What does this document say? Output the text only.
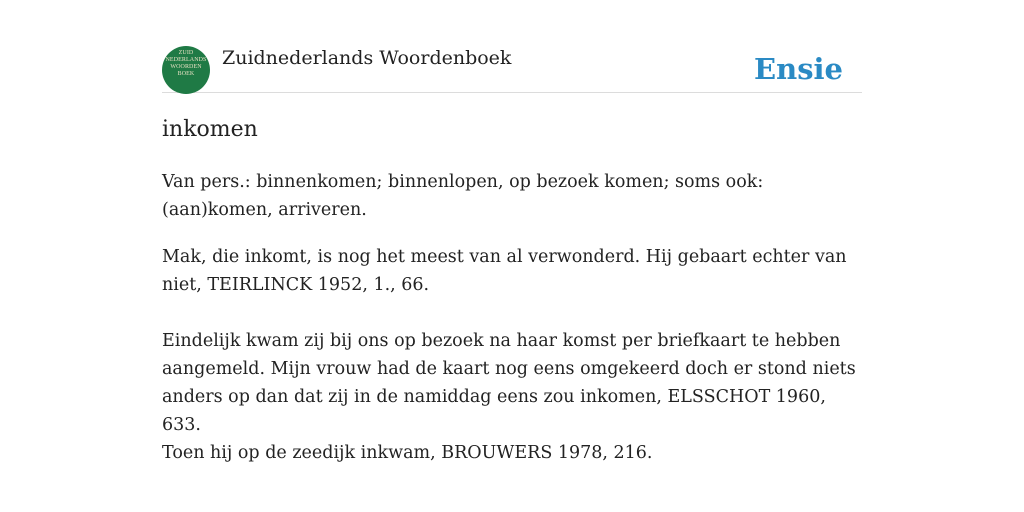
ZUID
NEDERLANDS
WOORDEN
BOEK
Zuidnederlands Woordenboek	Ensie
inkomen

Van pers.: binnenkomen; binnenlopen, op bezoek komen; soms ook: (aan)komen, arriveren.

Mak, die inkomt, is nog het meest van al verwonderd. Hij gebaart echter van niet, TEIRLINCK 1952, 1., 66.

Eindelijk kwam zij bij ons op bezoek na haar komst per briefkaart te hebben aangemeld. Mijn vrouw had de kaart nog eens omgekeerd doch er stond niets anders op dan dat zij in de namiddag eens zou inkomen, ELSSCHOT 1960, 633.

Toen hij op de zeedijk inkwam, BROUWERS 1978, 216.
